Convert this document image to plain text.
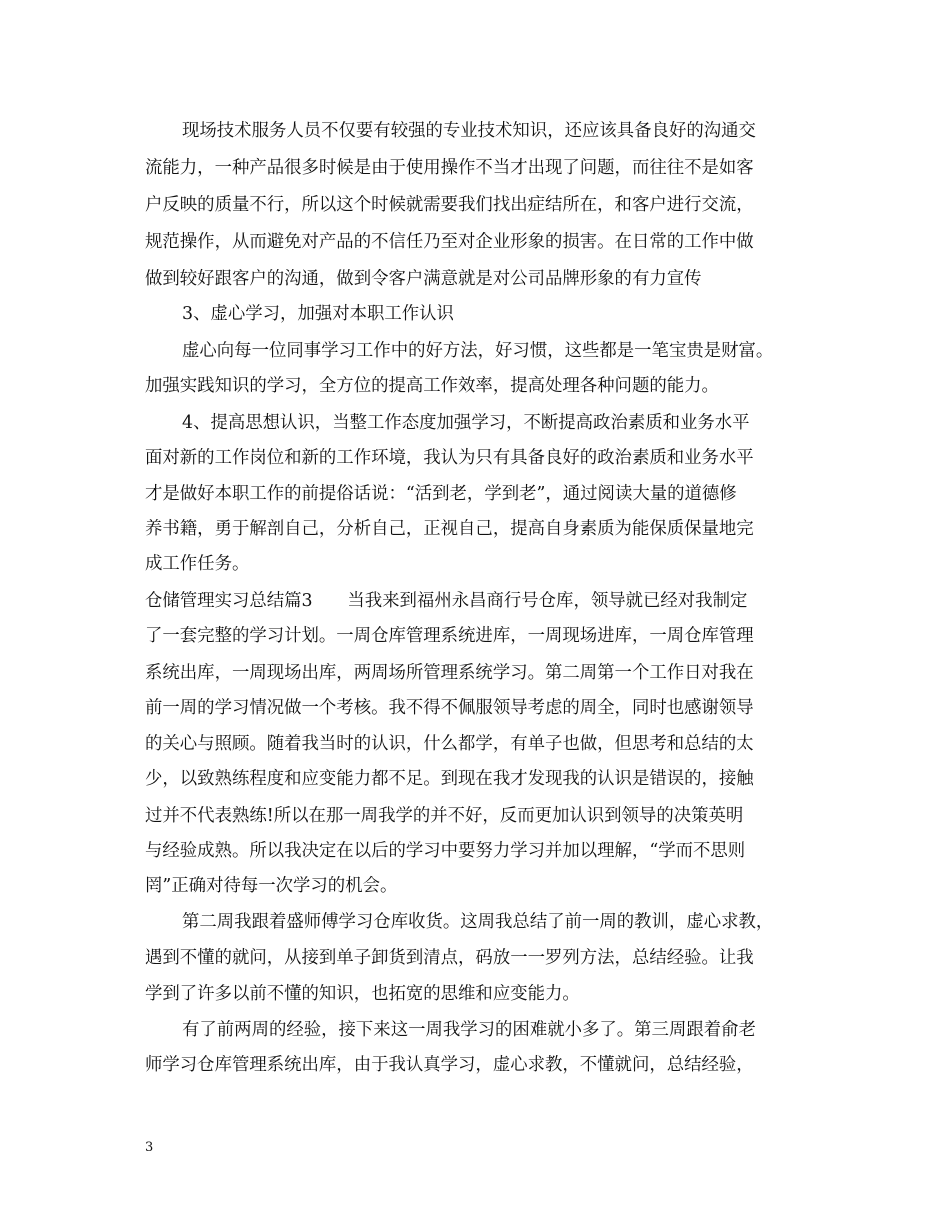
现场技术服务人员不仅要有较强的专业技术知识，还应该具备良好的沟通交
流能力，一种产品很多时候是由于使用操作不当才出现了问题，而往往不是如客
户反映的质量不行，所以这个时候就需要我们找出症结所在，和客户进行交流，
规范操作，从而避免对产品的不信任乃至对企业形象的损害。在日常的工作中做
做到较好跟客户的沟通，做到令客户满意就是对公司品牌形象的有力宣传
3、虚心学习，加强对本职工作认识
虚心向每一位同事学习工作中的好方法，好习惯，这些都是一笔宝贵是财富。
加强实践知识的学习，全方位的提高工作效率，提高处理各种问题的能力。
4、提高思想认识，当整工作态度加强学习，不断提高政治素质和业务水平
面对新的工作岗位和新的工作环境，我认为只有具备良好的政治素质和业务水平
才是做好本职工作的前提俗话说：“活到老，学到老”，通过阅读大量的道德修
养书籍，勇于解剖自己，分析自己，正视自己，提高自身素质为能保质保量地完
成工作任务。
仓储管理实习总结篇3　　当我来到福州永昌商行号仓库，领导就已经对我制定
了一套完整的学习计划。一周仓库管理系统进库，一周现场进库，一周仓库管理
系统出库，一周现场出库，两周场所管理系统学习。第二周第一个工作日对我在
前一周的学习情况做一个考核。我不得不佩服领导考虑的周全，同时也感谢领导
的关心与照顾。随着我当时的认识，什么都学，有单子也做，但思考和总结的太
少，以致熟练程度和应变能力都不足。到现在我才发现我的认识是错误的，接触
过并不代表熟练!所以在那一周我学的并不好，反而更加认识到领导的决策英明
与经验成熟。所以我决定在以后的学习中要努力学习并加以理解，“学而不思则
罔”正确对待每一次学习的机会。
第二周我跟着盛师傅学习仓库收货。这周我总结了前一周的教训，虚心求教，
遇到不懂的就问，从接到单子卸货到清点，码放一一罗列方法，总结经验。让我
学到了许多以前不懂的知识，也拓宽的思维和应变能力。
有了前两周的经验，接下来这一周我学习的困难就小多了。第三周跟着俞老
师学习仓库管理系统出库，由于我认真学习，虚心求教，不懂就问，总结经验，
3
